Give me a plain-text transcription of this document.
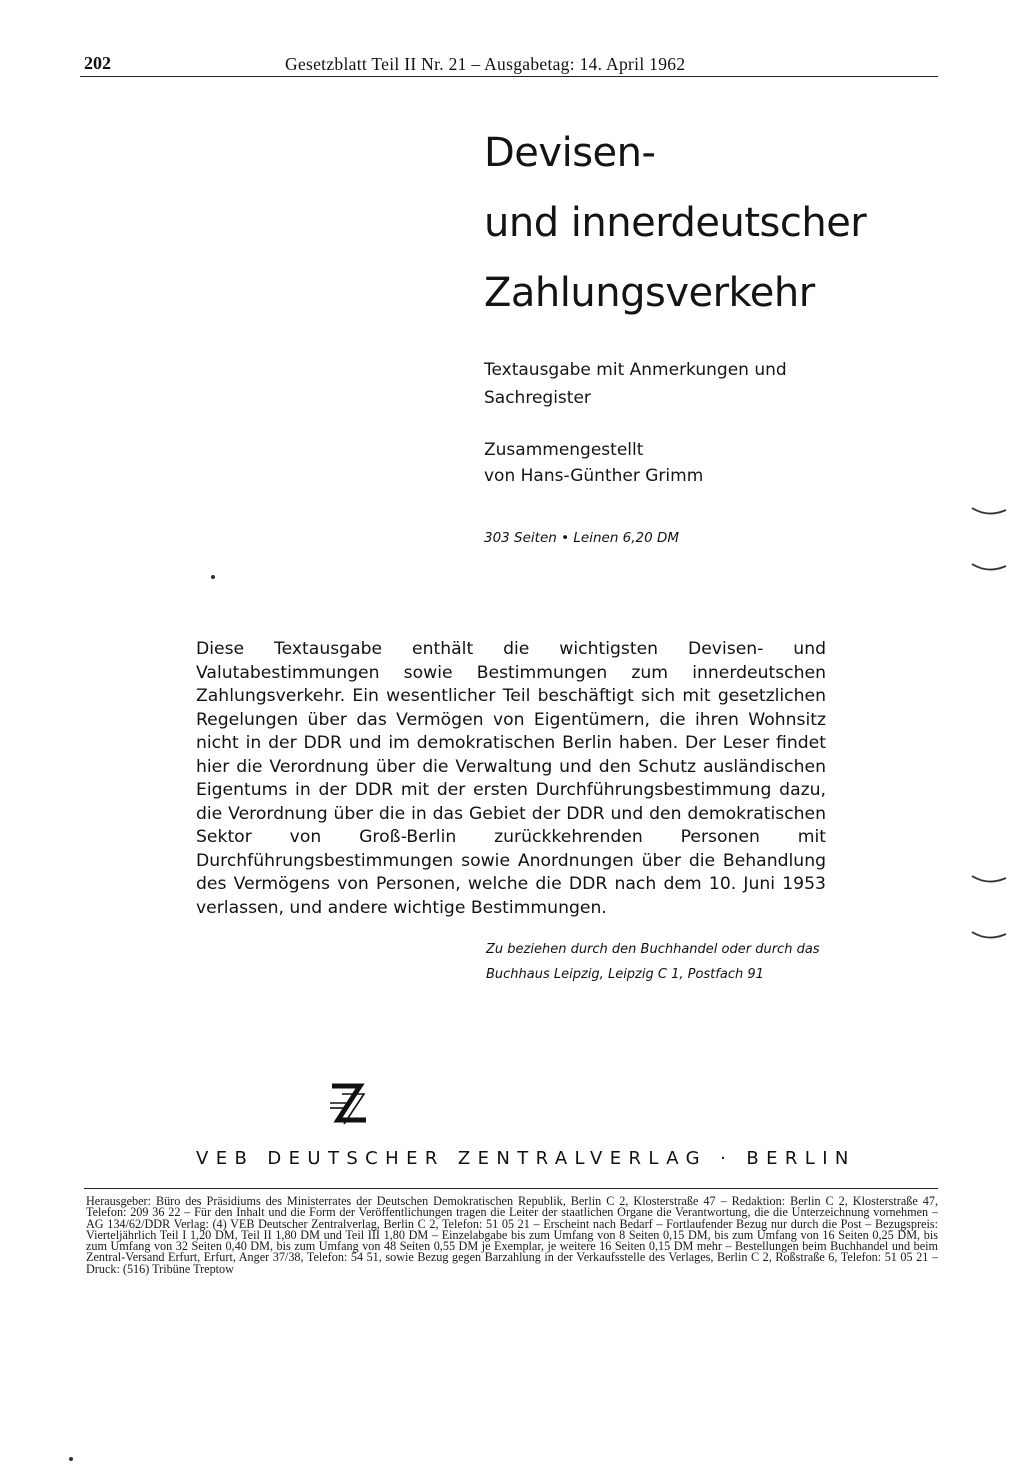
202	Gesetzblatt Teil II Nr. 21 – Ausgabetag: 14. April 1962
Devisen-
und innerdeutscher
Zahlungsverkehr
Textausgabe mit Anmerkungen und
Sachregister
Zusammengestellt
von Hans-Günther Grimm
303 Seiten • Leinen 6,20 DM
Diese Textausgabe enthält die wichtigsten Devisen- und Valutabestimmungen sowie Bestimmungen zum innerdeutschen Zahlungsverkehr. Ein wesentlicher Teil beschäftigt sich mit gesetzlichen Regelungen über das Vermögen von Eigentümern, die ihren Wohnsitz nicht in der DDR und im demokratischen Berlin haben. Der Leser findet hier die Verordnung über die Verwaltung und den Schutz ausländischen Eigentums in der DDR mit der ersten Durchführungsbestimmung dazu, die Verordnung über die in das Gebiet der DDR und den demokratischen Sektor von Groß-Berlin zurückkehrenden Personen mit Durchführungsbestimmungen sowie Anordnungen über die Behandlung des Vermögens von Personen, welche die DDR nach dem 10. Juni 1953 verlassen, und andere wichtige Bestimmungen.
Zu beziehen durch den Buchhandel oder durch das
Buchhaus Leipzig, Leipzig C 1, Postfach 91
VEB DEUTSCHER ZENTRALVERLAG · BERLIN
Herausgeber: Büro des Präsidiums des Ministerrates der Deutschen Demokratischen Republik, Berlin C 2, Klosterstraße 47 – Redaktion: Berlin C 2, Klosterstraße 47, Telefon: 209 36 22 – Für den Inhalt und die Form der Veröffentlichungen tragen die Leiter der staatlichen Organe die Verantwortung, die die Unterzeichnung vornehmen – AG 134/62/DDR Verlag: (4) VEB Deutscher Zentralverlag, Berlin C 2, Telefon: 51 05 21 – Erscheint nach Bedarf – Fortlaufender Bezug nur durch die Post – Bezugspreis: Vierteljährlich Teil I 1,20 DM, Teil II 1,80 DM und Teil III 1,80 DM – Einzelabgabe bis zum Umfang von 8 Seiten 0,15 DM, bis zum Umfang von 16 Seiten 0,25 DM, bis zum Umfang von 32 Seiten 0,40 DM, bis zum Umfang von 48 Seiten 0,55 DM je Exemplar, je weitere 16 Seiten 0,15 DM mehr – Bestellungen beim Buchhandel und beim Zentral-Versand Erfurt, Erfurt, Anger 37/38, Telefon: 54 51, sowie Bezug gegen Barzahlung in der Verkaufsstelle des Verlages, Berlin C 2, Roßstraße 6, Telefon: 51 05 21 – Druck: (516) Tribüne Treptow
